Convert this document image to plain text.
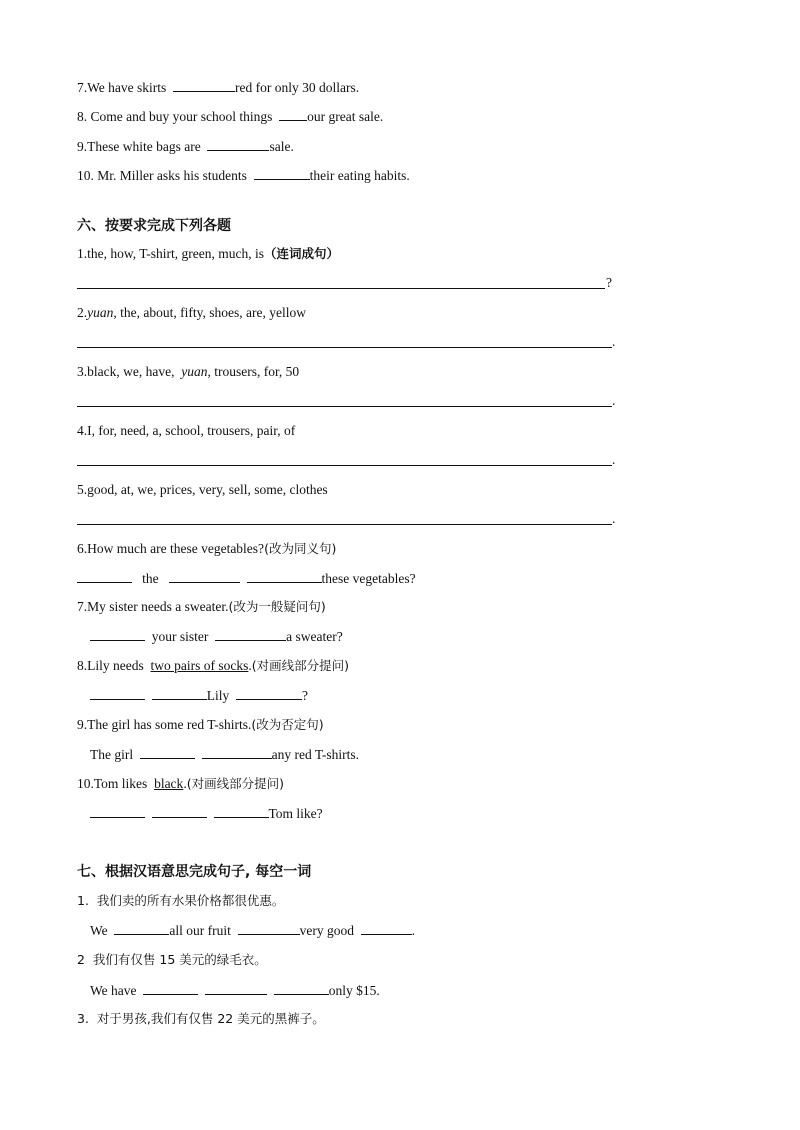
7.We have skirts	red for only 30 dollars.
8. Come and buy your school things  our great sale.
9.These white bags are	sale.
10. Mr. Miller asks his students	their eating habits.
六、按要求完成下列各题
1.the, how, T-shirt, green, much, is（连词成句）
?
2.yuan, the, about, fifty, shoes, are, yellow
.
3.black, we, have,  yuan, trousers, for, 50
.
4.I, for, need, a, school, trousers, pair, of
.
5.good, at, we, prices, very, sell, some, clothes
.
6.How much are these vegetables?(改为同义句)
the	these vegetables?
7.My sister needs a sweater.(改为一般疑问句)
your sister	a sweater?
8.Lily needs  two pairs of socks.(对画线部分提问)
Lily	?
9.The girl has some red T-shirts.(改为否定句)
The girl	any red T-shirts.
10.Tom likes  black.(对画线部分提问)
Tom like?
七、根据汉语意思完成句子, 每空一词
1.  我们卖的所有水果价格都很优惠。
We	all our fruit	very good	.
2  我们有仅售 15 美元的绿毛衣。
We have	only $15.
3.  对于男孩,我们有仅售 22 美元的黑裤子。
